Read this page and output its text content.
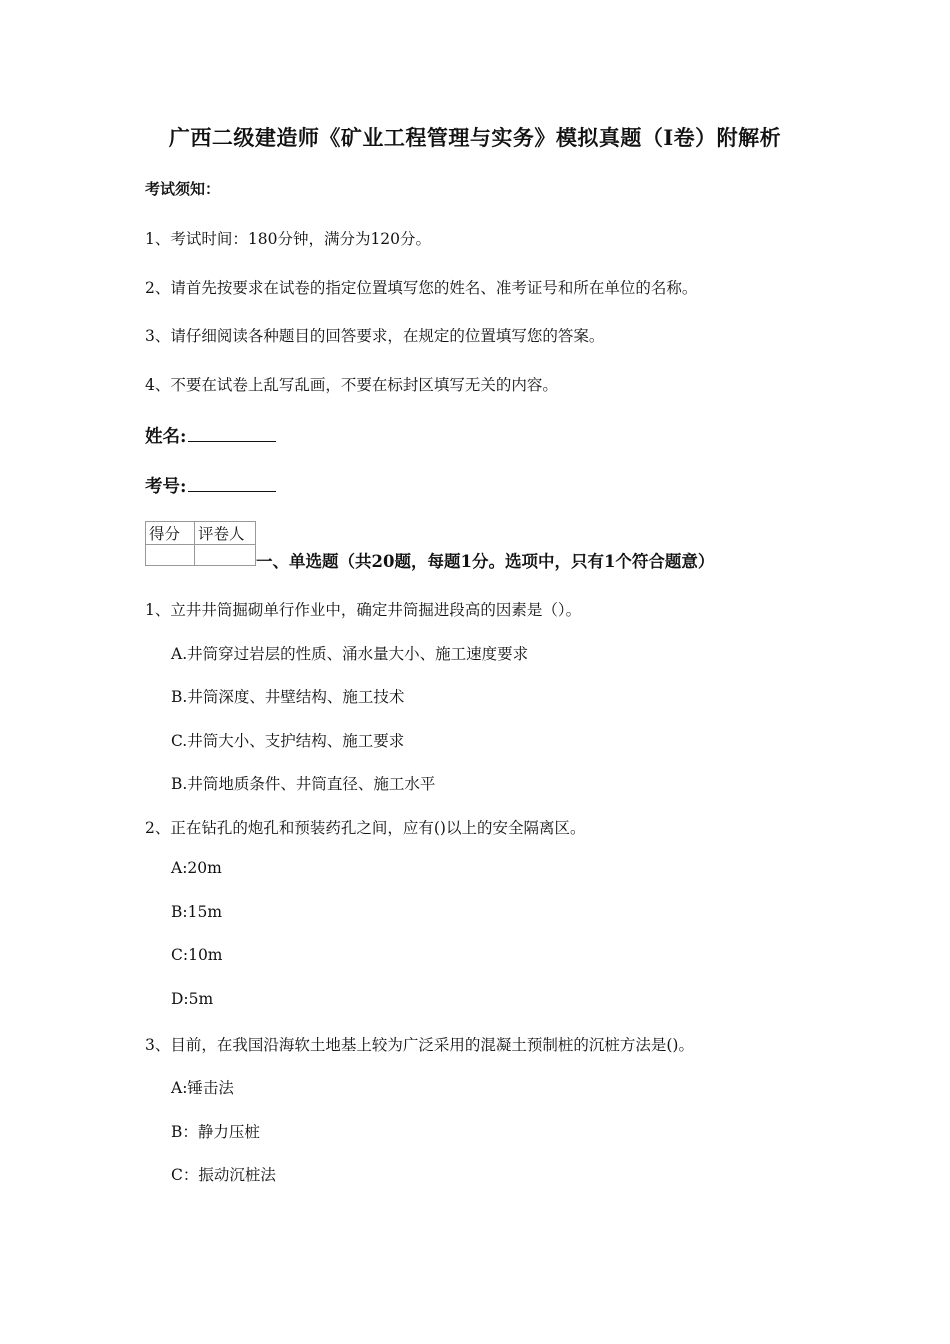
广西二级建造师《矿业工程管理与实务》模拟真题（I卷）附解析
考试须知：
1、考试时间：180分钟，满分为120分。
2、请首先按要求在试卷的指定位置填写您的姓名、准考证号和所在单位的名称。
3、请仔细阅读各种题目的回答要求，在规定的位置填写您的答案。
4、不要在试卷上乱写乱画，不要在标封区填写无关的内容。
姓名:
考号:
得分	评卷人

一、单选题（共20题，每题1分。选项中，只有1个符合题意）
1、立井井筒掘砌单行作业中，确定井筒掘进段高的因素是（）。
A.井筒穿过岩层的性质、涌水量大小、施工速度要求
B.井筒深度、井壁结构、施工技术
C.井筒大小、支护结构、施工要求
B.井筒地质条件、井筒直径、施工水平
2、正在钻孔的炮孔和预装药孔之间，应有()以上的安全隔离区。
A:20m
B:15m
C:10m
D:5m
3、目前，在我国沿海软土地基上较为广泛采用的混凝土预制桩的沉桩方法是()。
A:锤击法
B：静力压桩
C：振动沉桩法
